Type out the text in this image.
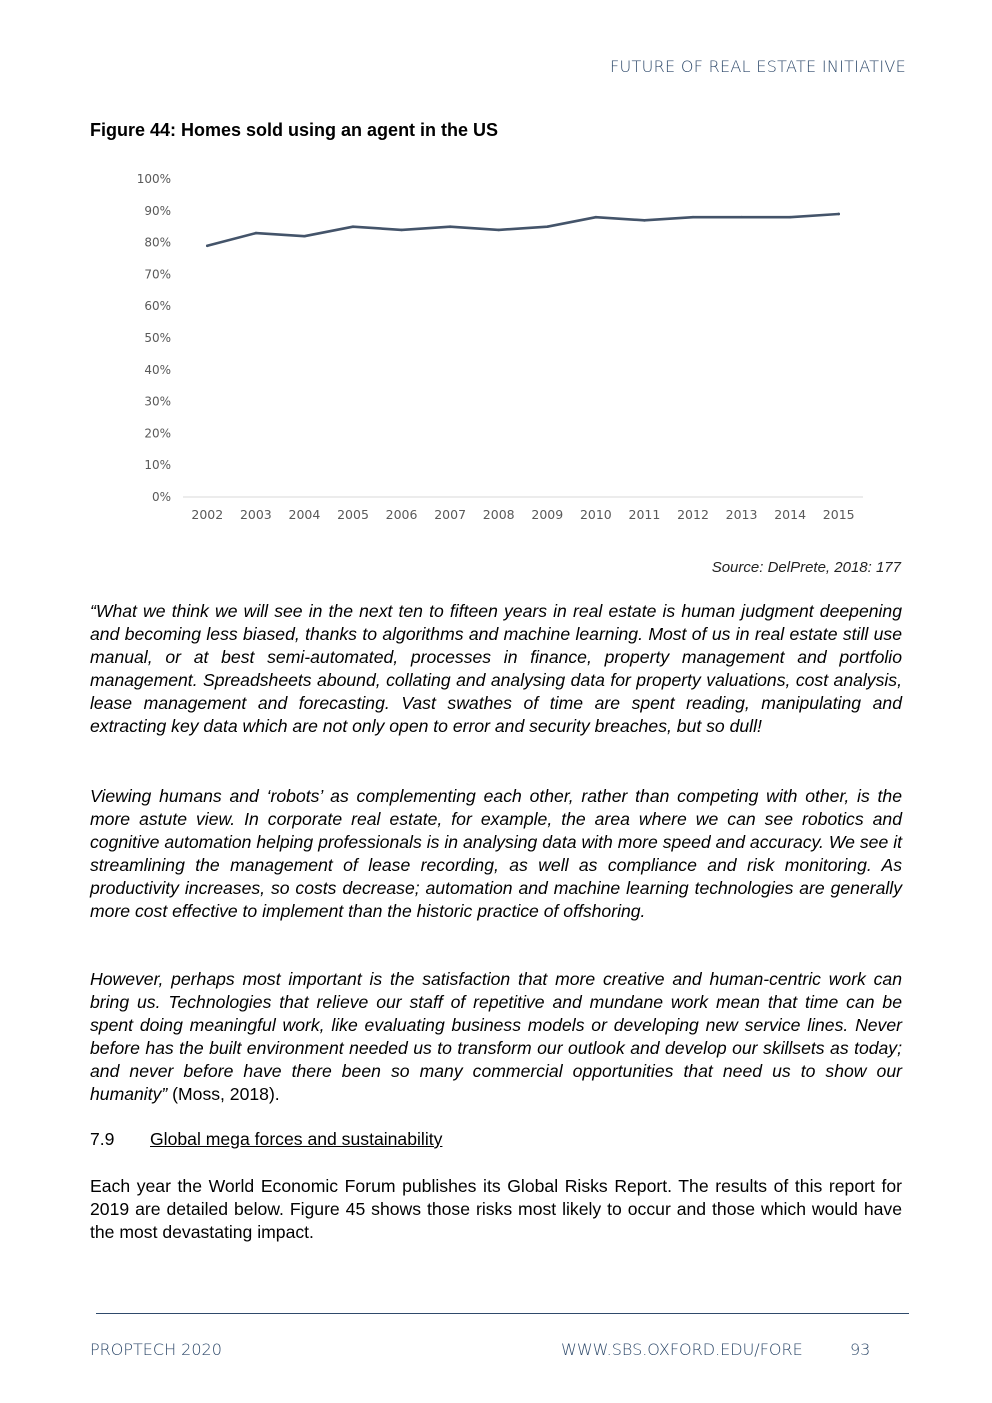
FUTURE OF REAL ESTATE INITIATIVE
Figure 44: Homes sold using an agent in the US
0%
10%
20%
30%
40%
50%
60%
70%
80%
90%
100%
2002 2003 2004 2005 2006 2007 2008 2009 2010 2011 2012 2013 2014 2015
Source: DelPrete, 2018: 177

“What we think we will see in the next ten to fifteen years in real estate is human judgment deepening and becoming less biased, thanks to algorithms and machine learning. Most of us in real estate still use manual, or at best semi-automated, processes in finance, property management and portfolio management. Spreadsheets abound, collating and analysing data for property valuations, cost analysis, lease management and forecasting. Vast swathes of time are spent reading, manipulating and extracting key data which are not only open to error and security breaches, but so dull!

Viewing humans and ‘robots’ as complementing each other, rather than competing with other, is the more astute view. In corporate real estate, for example, the area where we can see robotics and cognitive automation helping professionals is in analysing data with more speed and accuracy. We see it streamlining the management of lease recording, as well as compliance and risk monitoring. As productivity increases, so costs decrease; automation and machine learning technologies are generally more cost effective to implement than the historic practice of offshoring.

However, perhaps most important is the satisfaction that more creative and human-centric work can bring us. Technologies that relieve our staff of repetitive and mundane work mean that time can be spent doing meaningful work, like evaluating business models or developing new service lines. Never before has the built environment needed us to transform our outlook and develop our skillsets as today; and never before have there been so many commercial opportunities that need us to show our humanity” (Moss, 2018).

7.9 Global mega forces and sustainability

Each year the World Economic Forum publishes its Global Risks Report. The results of this report for 2019 are detailed below. Figure 45 shows those risks most likely to occur and those which would have the most devastating impact.

PROPTECH 2020	WWW.SBS.OXFORD.EDU/FORE	93
